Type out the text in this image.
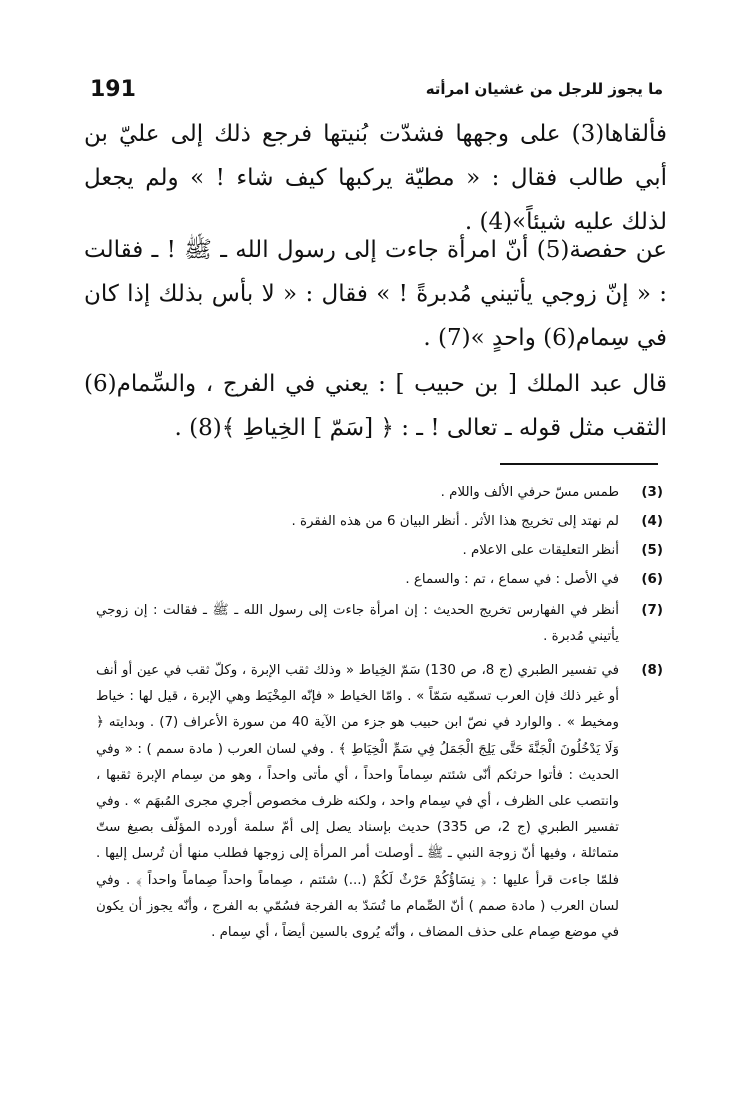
191	ما يجوز للرجل من غشيان امرأته

فألقاها(3) على وجهها فشدّت بُنيتها فرجع ذلك إلى عليّ بن أبي طالب فقال : « مطيّة يركبها كيف شاء ! » ولم يجعل لذلك عليه شيئاً»(4) .

عن حفصة(5) أنّ امرأة جاءت إلى رسول الله ـ ﷺ ! ـ فقالت : « إنّ زوجي يأتيني مُدبرةً ! » فقال : « لا بأس بذلك إذا كان في سِمام(6) واحدٍ »(7) .

قال عبد الملك [ بن حبيب ] : يعني في الفرج ، والسِّمام(6) الثقب مثل قوله ـ تعالى ! ـ : ﴿ [سَمّ ] الخِياطِ ﴾(8) .

(3)
طمس مسّ حرفي الألف واللام .
(4)
لم نهتد إلى تخريج هذا الأثر . أنظر البيان 6 من هذه الفقرة .
(5)
أنظر التعليقات على الاعلام .
(6)
في الأصل : في سماع ، تم : والسماع .
(7)
أنظر في الفهارس تخريج الحديث : إن امرأة جاءت إلى رسول الله ـ ﷺ ـ فقالت : إن زوجي يأتيني مُدبرة .
(8)
في تفسير الطبري (ج 8، ص 130) سَمّ الخِياط « وذلك ثقب الإبرة ، وكلّ ثقب في عين أو أنف أو غير ذلك فإن العرب تسمّيه سَمّاً » . وامّا الخياط « فإنّه المِخْيَط وهي الإبرة ، قيل لها : خياط ومخيط » . والوارد في نصّ ابن حبيب هو جزء من الآية 40 من سورة الأعراف (7) . وبدايته ﴿ وَلَا يَدْخُلُونَ الْجَنَّةَ حَتَّى يَلِجَ الْجَمَلُ فِي سَمِّ الْخِيَاطِ ﴾ . وفي لسان العرب ( مادة سمم ) : « وفي الحديث : فأتوا حرثكم أنّى شئتم سِماماً واحداً ، أي مأتى واحداً ، وهو من سِمام الإبرة ثقبها ، وانتصب على الظرف ، أي في سِمام واحد ، ولكنه ظرف مخصوص أجري مجرى المُبهَم » . وفي تفسير الطبري (ج 2، ص 335) حديث بإسناد يصل إلى أمّ سلمة أورده المؤلّف بصيغ ستّ متماثلة ، وفيها أنّ زوجة النبي ـ ﷺ ـ أوصلت أمر المرأة إلى زوجها فطلب منها أن تُرسل إليها . فلمّا جاءت قرأ عليها : ﴿ نِسَاؤُكُمْ حَرْثٌ لَكُمْ (...) شئتم ، صِماماً واحداً صِماماً واحداً ﴾ . وفي لسان العرب ( مادة صمم ) أنّ الصِّمام ما تُسَدّ به الفرجة فسُمّي به الفرج ، وأنّه يجوز أن يكون في موضع صِمام على حذف المضاف ، وأنّه يُروى بالسين أيضاً ، أي سِمام .
